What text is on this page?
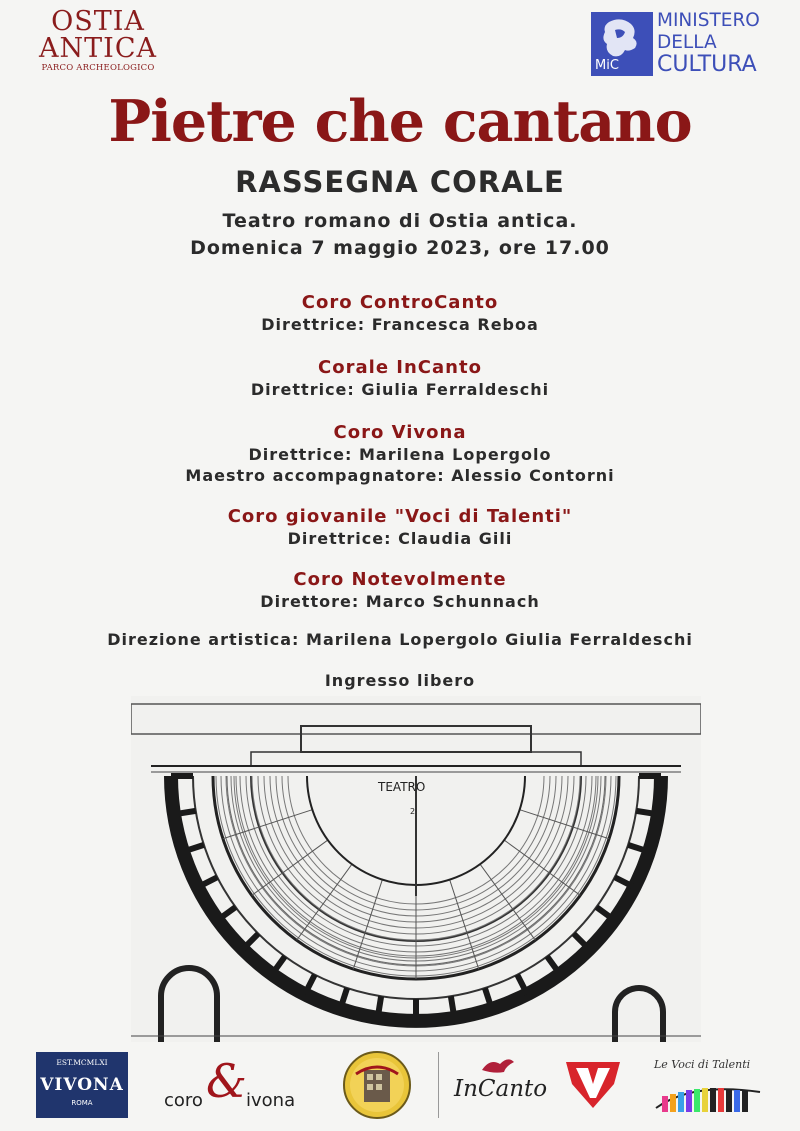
OSTIA
ANTICA
PARCO ARCHEOLOGICO	MiC
MINISTERO
DELLA
CULTURA
Pietre che cantano
RASSEGNA CORALE
Teatro romano di Ostia antica.
Domenica 7 maggio 2023, ore 17.00
Coro ControCanto
Direttrice: Francesca Reboa
Corale InCanto
Direttrice: Giulia Ferraldeschi
Coro Vivona
Direttrice: Marilena Lopergolo
Maestro accompagnatore: Alessio Contorni
Coro giovanile "Voci di Talenti"
Direttrice: Claudia Gili
Coro Notevolmente
Direttore: Marco Schunnach
Direzione artistica: Marilena Lopergolo Giulia Ferraldeschi
Ingresso libero
TEATRO
2
EST.MCMLXI
VIVONA
ROMA	&
coro ivona	InCanto
Le Voci di Talenti
